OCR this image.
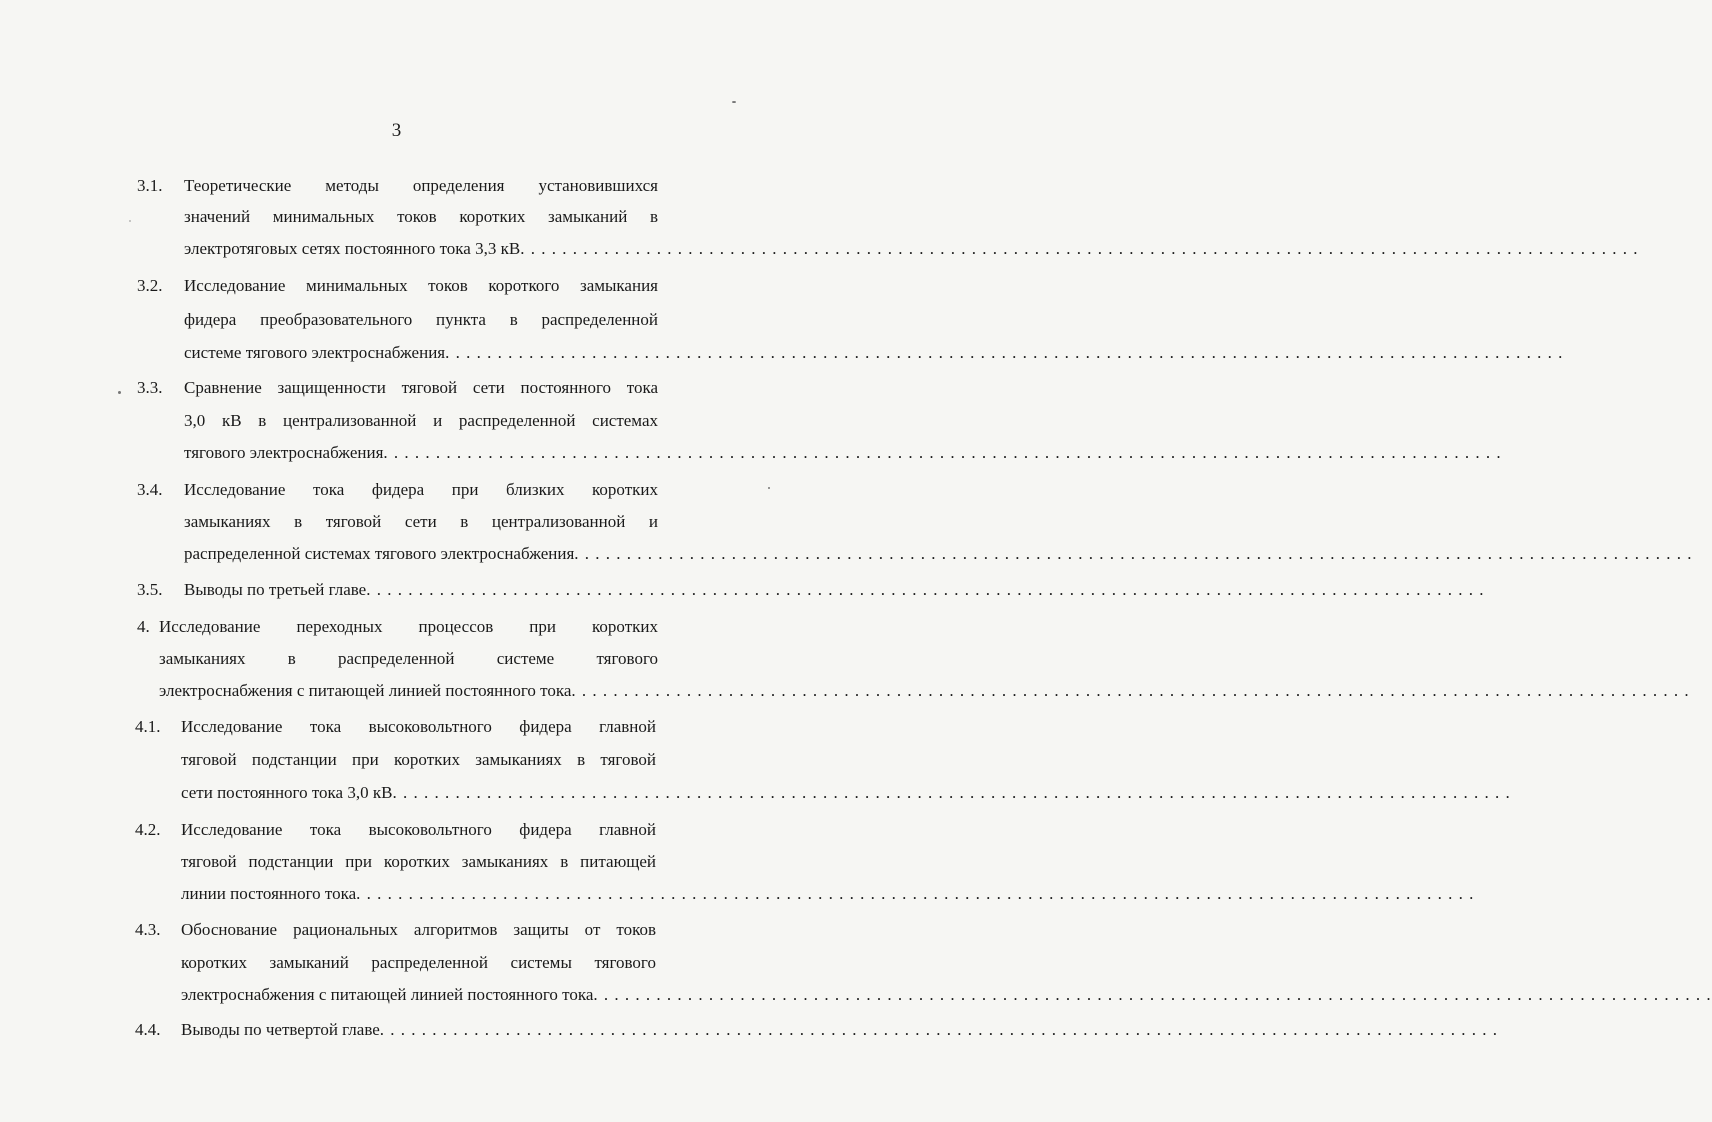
3
3.1. Теоретические методы определения установившихся
значений минимальных токов коротких замыканий в
электротяговых сетях постоянного тока 3,3 кВ . . . . . . . . . . . . . . . . . . . . . . . . . . . . . . . . . . . . . . . . . . . . . . . . . . . . . . . . . . . . . . . . . . . . . . . . . . . . . . . . . . . . . . . . . . . . . . . . . . . . . . . . . . .
3.2. Исследование минимальных токов короткого замыкания
фидера преобразовательного пункта в распределенной
системе тягового электроснабжения . . . . . . . . . . . . . . . . . . . . . . . . . . . . . . . . . . . . . . . . . . . . . . . . . . . . . . . . . . . . . . . . . . . . . . . . . . . . . . . . . . . . . . . . . . . . . . . . . . . . . . . . . . .
3.3. Сравнение защищенности тяговой сети постоянного тока
3,0 кВ в централизованной и распределенной системах
тягового электроснабжения . . . . . . . . . . . . . . . . . . . . . . . . . . . . . . . . . . . . . . . . . . . . . . . . . . . . . . . . . . . . . . . . . . . . . . . . . . . . . . . . . . . . . . . . . . . . . . . . . . . . . . . . . . .
3.4. Исследование тока фидера при близких коротких
замыканиях в тяговой сети в централизованной и
распределенной системах тягового электроснабжения . . . . . . . . . . . . . . . . . . . . . . . . . . . . . . . . . . . . . . . . . . . . . . . . . . . . . . . . . . . . . . . . . . . . . . . . . . . . . . . . . . . . . . . . . . . . . . . . . . . . . . . . . . .
3.5. Выводы по третьей главе . . . . . . . . . . . . . . . . . . . . . . . . . . . . . . . . . . . . . . . . . . . . . . . . . . . . . . . . . . . . . . . . . . . . . . . . . . . . . . . . . . . . . . . . . . . . . . . . . . . . . . . . . . .
4. Исследование переходных процессов при коротких
замыканиях в распределенной системе тягового
электроснабжения с питающей линией постоянного тока . . . . . . . . . . . . . . . . . . . . . . . . . . . . . . . . . . . . . . . . . . . . . . . . . . . . . . . . . . . . . . . . . . . . . . . . . . . . . . . . . . . . . . . . . . . . . . . . . . . . . . . . . . .
4.1. Исследование тока высоковольтного фидера главной
тяговой подстанции при коротких замыканиях в тяговой
сети постоянного тока 3,0 кВ . . . . . . . . . . . . . . . . . . . . . . . . . . . . . . . . . . . . . . . . . . . . . . . . . . . . . . . . . . . . . . . . . . . . . . . . . . . . . . . . . . . . . . . . . . . . . . . . . . . . . . . . . . .
4.2. Исследование тока высоковольтного фидера главной
тяговой подстанции при коротких замыканиях в питающей
линии постоянного тока . . . . . . . . . . . . . . . . . . . . . . . . . . . . . . . . . . . . . . . . . . . . . . . . . . . . . . . . . . . . . . . . . . . . . . . . . . . . . . . . . . . . . . . . . . . . . . . . . . . . . . . . . . .
4.3. Обоснование рациональных алгоритмов защиты от токов
коротких замыканий распределенной системы тягового
электроснабжения с питающей линией постоянного тока . . . . . . . . . . . . . . . . . . . . . . . . . . . . . . . . . . . . . . . . . . . . . . . . . . . . . . . . . . . . . . . . . . . . . . . . . . . . . . . . . . . . . . . . . . . . . . . . . . . . . . . . . . .
4.4. Выводы по четвертой главе . . . . . . . . . . . . . . . . . . . . . . . . . . . . . . . . . . . . . . . . . . . . . . . . . . . . . . . . . . . . . . . . . . . . . . . . . . . . . . . . . . . . . . . . . . . . . . . . . . . . . . . . . . .
